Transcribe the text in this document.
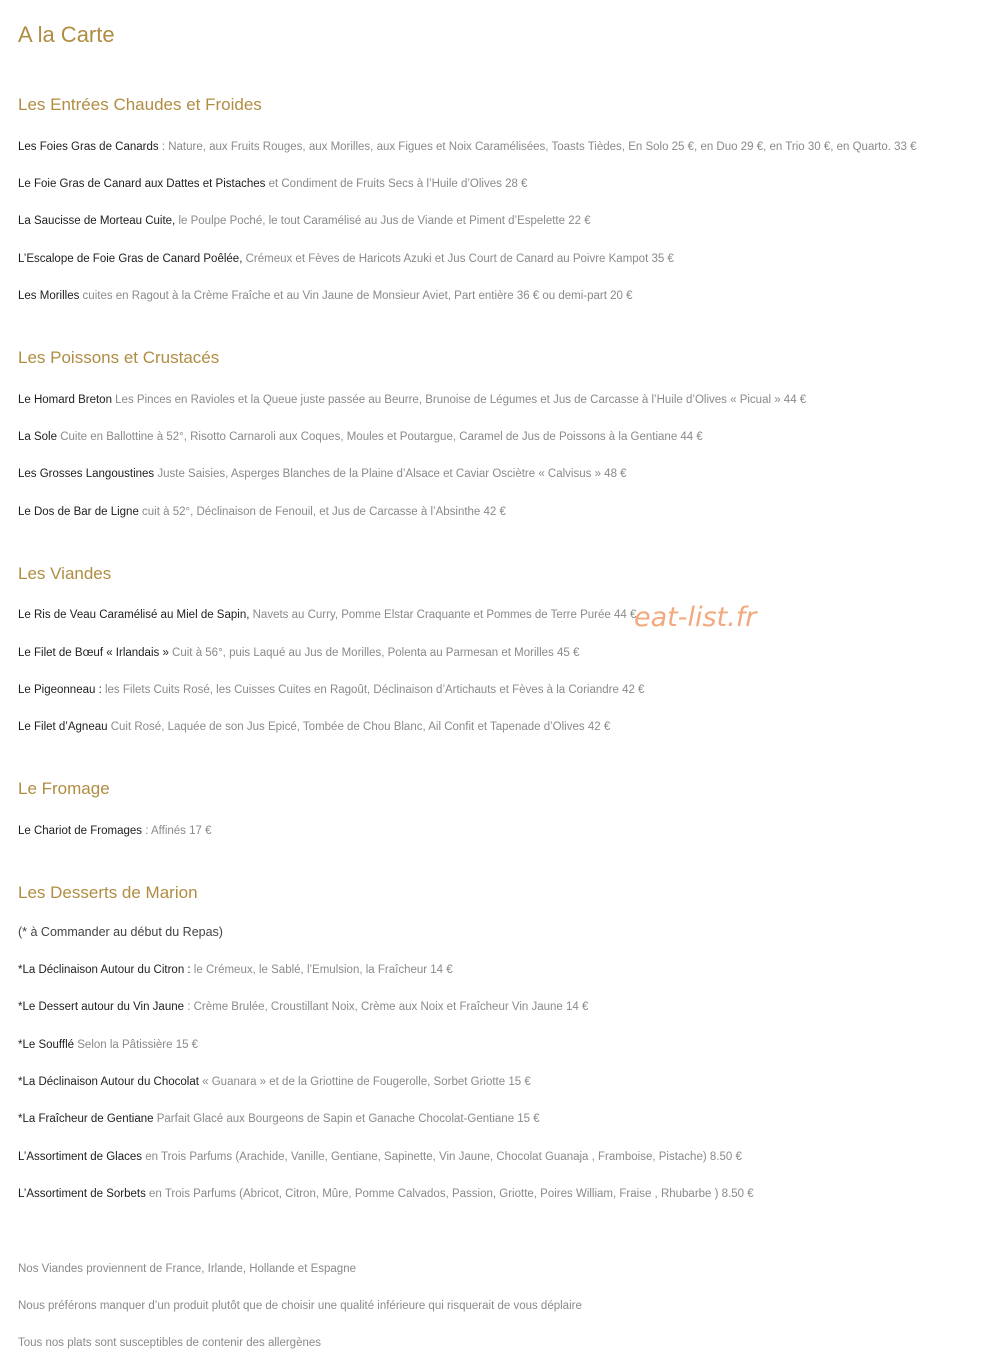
A la Carte
Les Entrées Chaudes et Froides

Les Foies Gras de Canards : Nature, aux Fruits Rouges, aux Morilles, aux Figues et Noix Caramélisées, Toasts Tièdes, En Solo 25 €, en Duo 29 €, en Trio 30 €, en Quarto. 33 €

Le Foie Gras de Canard aux Dattes et Pistaches et Condiment de Fruits Secs à l’Huile d’Olives 28 €

La Saucisse de Morteau Cuite, le Poulpe Poché, le tout Caramélisé au Jus de Viande et Piment d’Espelette 22 €

L’Escalope de Foie Gras de Canard Poêlée, Crémeux et Fèves de Haricots Azuki et Jus Court de Canard au Poivre Kampot 35 €

Les Morilles cuites en Ragout à la Crème Fraîche et au Vin Jaune de Monsieur Aviet, Part entière 36 € ou demi-part 20 €

Les Poissons et Crustacés

Le Homard Breton Les Pinces en Ravioles et la Queue juste passée au Beurre, Brunoise de Légumes et Jus de Carcasse à l’Huile d’Olives « Picual » 44 €

La Sole Cuite en Ballottine à 52°, Risotto Carnaroli aux Coques, Moules et Poutargue, Caramel de Jus de Poissons à la Gentiane 44 €

Les Grosses Langoustines Juste Saisies, Asperges Blanches de la Plaine d’Alsace et Caviar Osciètre « Calvisus » 48 €

Le Dos de Bar de Ligne cuit à 52°, Déclinaison de Fenouil, et Jus de Carcasse à l’Absinthe 42 €

Les Viandes

Le Ris de Veau Caramélisé au Miel de Sapin, Navets au Curry, Pomme Elstar Craquante et Pommes de Terre Purée 44 €

Le Filet de Bœuf « Irlandais » Cuit à 56°, puis Laqué au Jus de Morilles, Polenta au Parmesan et Morilles 45 €

Le Pigeonneau : les Filets Cuits Rosé, les Cuisses Cuites en Ragoût, Déclinaison d’Artichauts et Fèves à la Coriandre 42 €

Le Filet d’Agneau Cuit Rosé, Laquée de son Jus Epicé, Tombée de Chou Blanc, Ail Confit et Tapenade d’Olives 42 €

Le Fromage

Le Chariot de Fromages : Affinés 17 €

Les Desserts de Marion

(* à Commander au début du Repas)

*La Déclinaison Autour du Citron : le Crémeux, le Sablé, l’Emulsion, la Fraîcheur 14 €

*Le Dessert autour du Vin Jaune : Crème Brulée, Croustillant Noix, Crème aux Noix et Fraîcheur Vin Jaune 14 €

*Le Soufflé Selon la Pâtissière 15 €

*La Déclinaison Autour du Chocolat « Guanara » et de la Griottine de Fougerolle, Sorbet Griotte 15 €

*La Fraîcheur de Gentiane Parfait Glacé aux Bourgeons de Sapin et Ganache Chocolat-Gentiane 15 €

L’Assortiment de Glaces en Trois Parfums (Arachide, Vanille, Gentiane, Sapinette, Vin Jaune, Chocolat Guanaja , Framboise, Pistache) 8.50 €

L’Assortiment de Sorbets en Trois Parfums (Abricot, Citron, Mûre, Pomme Calvados, Passion, Griotte, Poires William, Fraise , Rhubarbe ) 8.50 €

Nos Viandes proviennent de France, Irlande, Hollande et Espagne

Nous préférons manquer d’un produit plutôt que de choisir une qualité inférieure qui risquerait de vous déplaire

Tous nos plats sont susceptibles de contenir des allergènes

eat-list.fr
